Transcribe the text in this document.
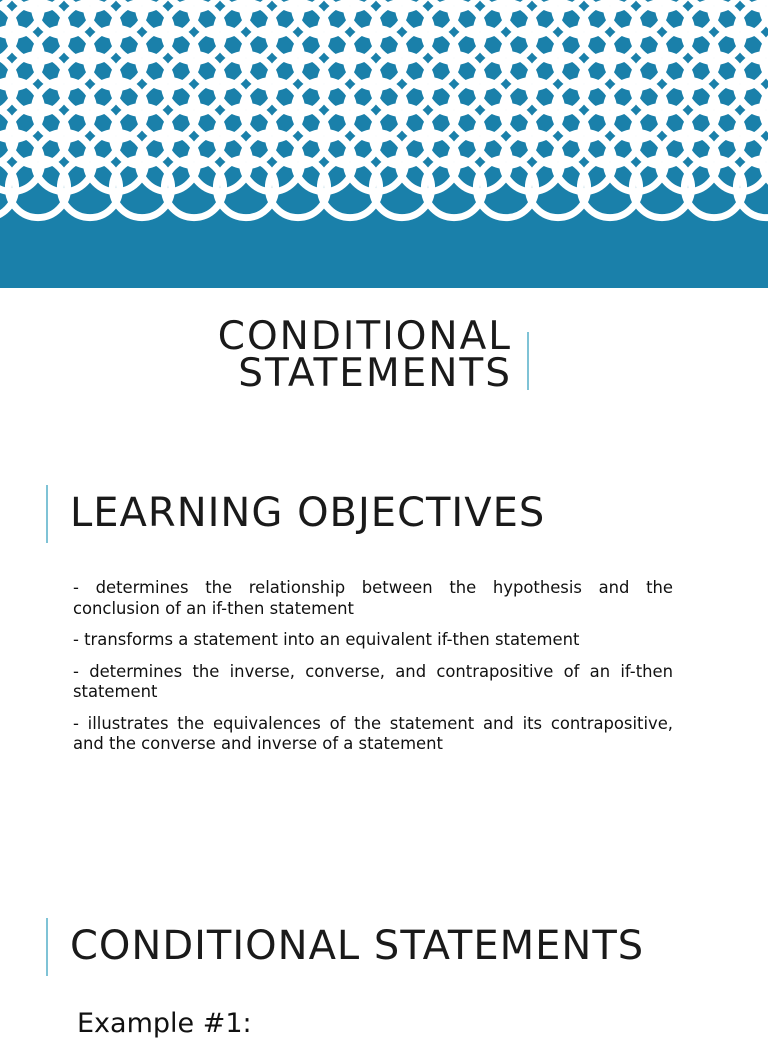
CONDITIONAL
STATEMENTS
LEARNING OBJECTIVES

- determines the relationship between the hypothesis and the conclusion of an if-then statement

- transforms a statement into an equivalent if-then statement

- determines the inverse, converse, and contrapositive of an if-then statement

- illustrates the equivalences of the statement and its contrapositive, and the converse and inverse of a statement

CONDITIONAL STATEMENTS
Example #1:
